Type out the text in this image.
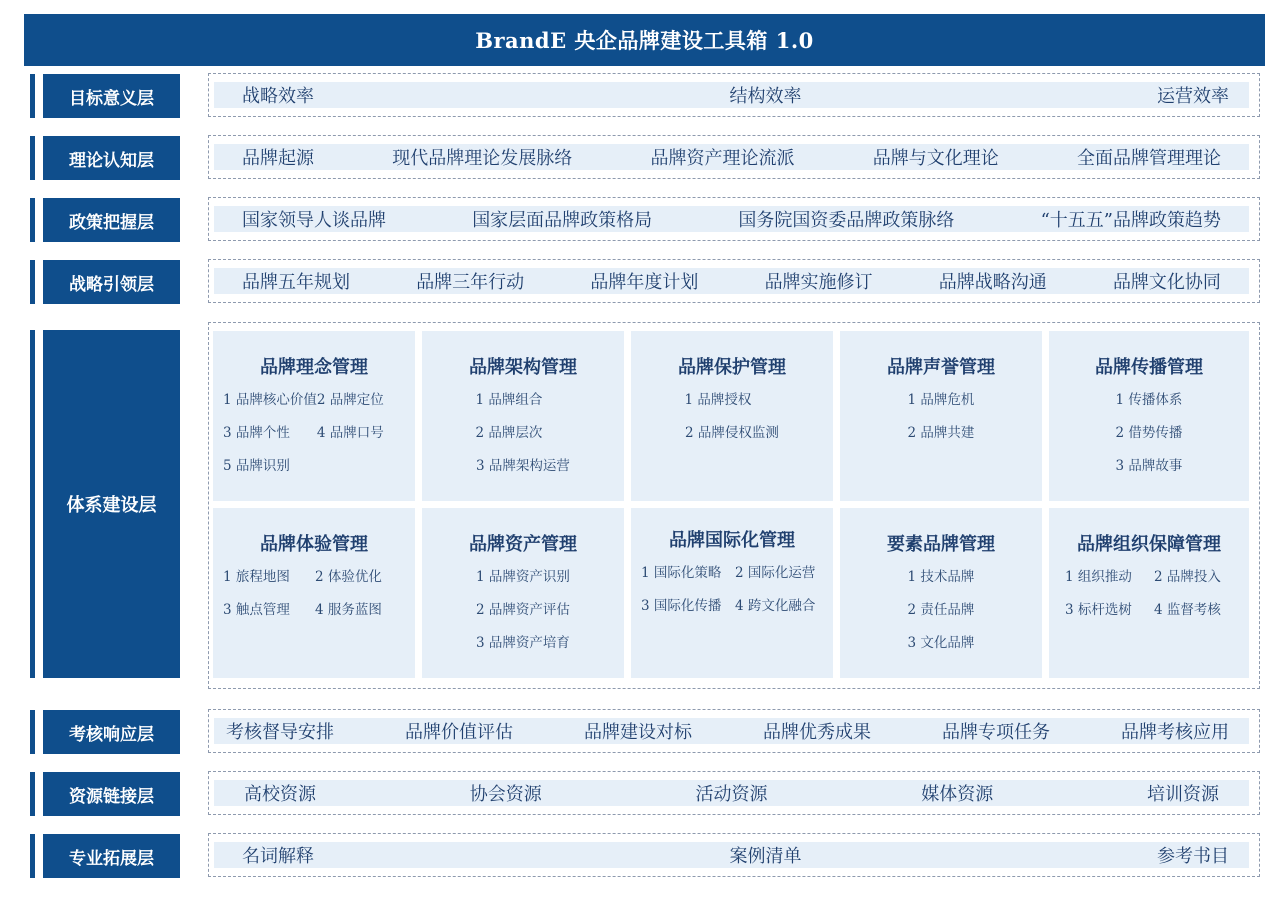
BrandE 央企品牌建设工具箱 1.0
目标意义层	战略效率	结构效率	运营效率
理论认知层	品牌起源	现代品牌理论发展脉络	品牌资产理论流派	品牌与文化理论	全面品牌管理理论
政策把握层	国家领导人谈品牌	国家层面品牌政策格局	国务院国资委品牌政策脉络	“十五五”品牌政策趋势
战略引领层	品牌五年规划	品牌三年行动	品牌年度计划	品牌实施修订	品牌战略沟通	品牌文化协同
体系建设层
品牌理念管理
1 品牌核心价值 2 品牌定位
3 品牌个性	4 品牌口号
5 品牌识别
品牌架构管理
1 品牌组合
2 品牌层次
3 品牌架构运营
品牌保护管理
1 品牌授权
2 品牌侵权监测
品牌声誉管理
1 品牌危机
2 品牌共建
品牌传播管理
1 传播体系
2 借势传播
3 品牌故事
品牌体验管理
1 旅程地图	2 体验优化
3 触点管理	4 服务蓝图
品牌资产管理
1 品牌资产识别
2 品牌资产评估
3 品牌资产培育
品牌国际化管理
1 国际化策略	2 国际化运营
3 国际化传播	4 跨文化融合
要素品牌管理
1 技术品牌
2 责任品牌
3 文化品牌
品牌组织保障管理
1 组织推动	2 品牌投入
3 标杆选树	4 监督考核
考核响应层	考核督导安排	品牌价值评估	品牌建设对标	品牌优秀成果	品牌专项任务	品牌考核应用
资源链接层	高校资源	协会资源	活动资源	媒体资源	培训资源
专业拓展层	名词解释	案例清单	参考书目
